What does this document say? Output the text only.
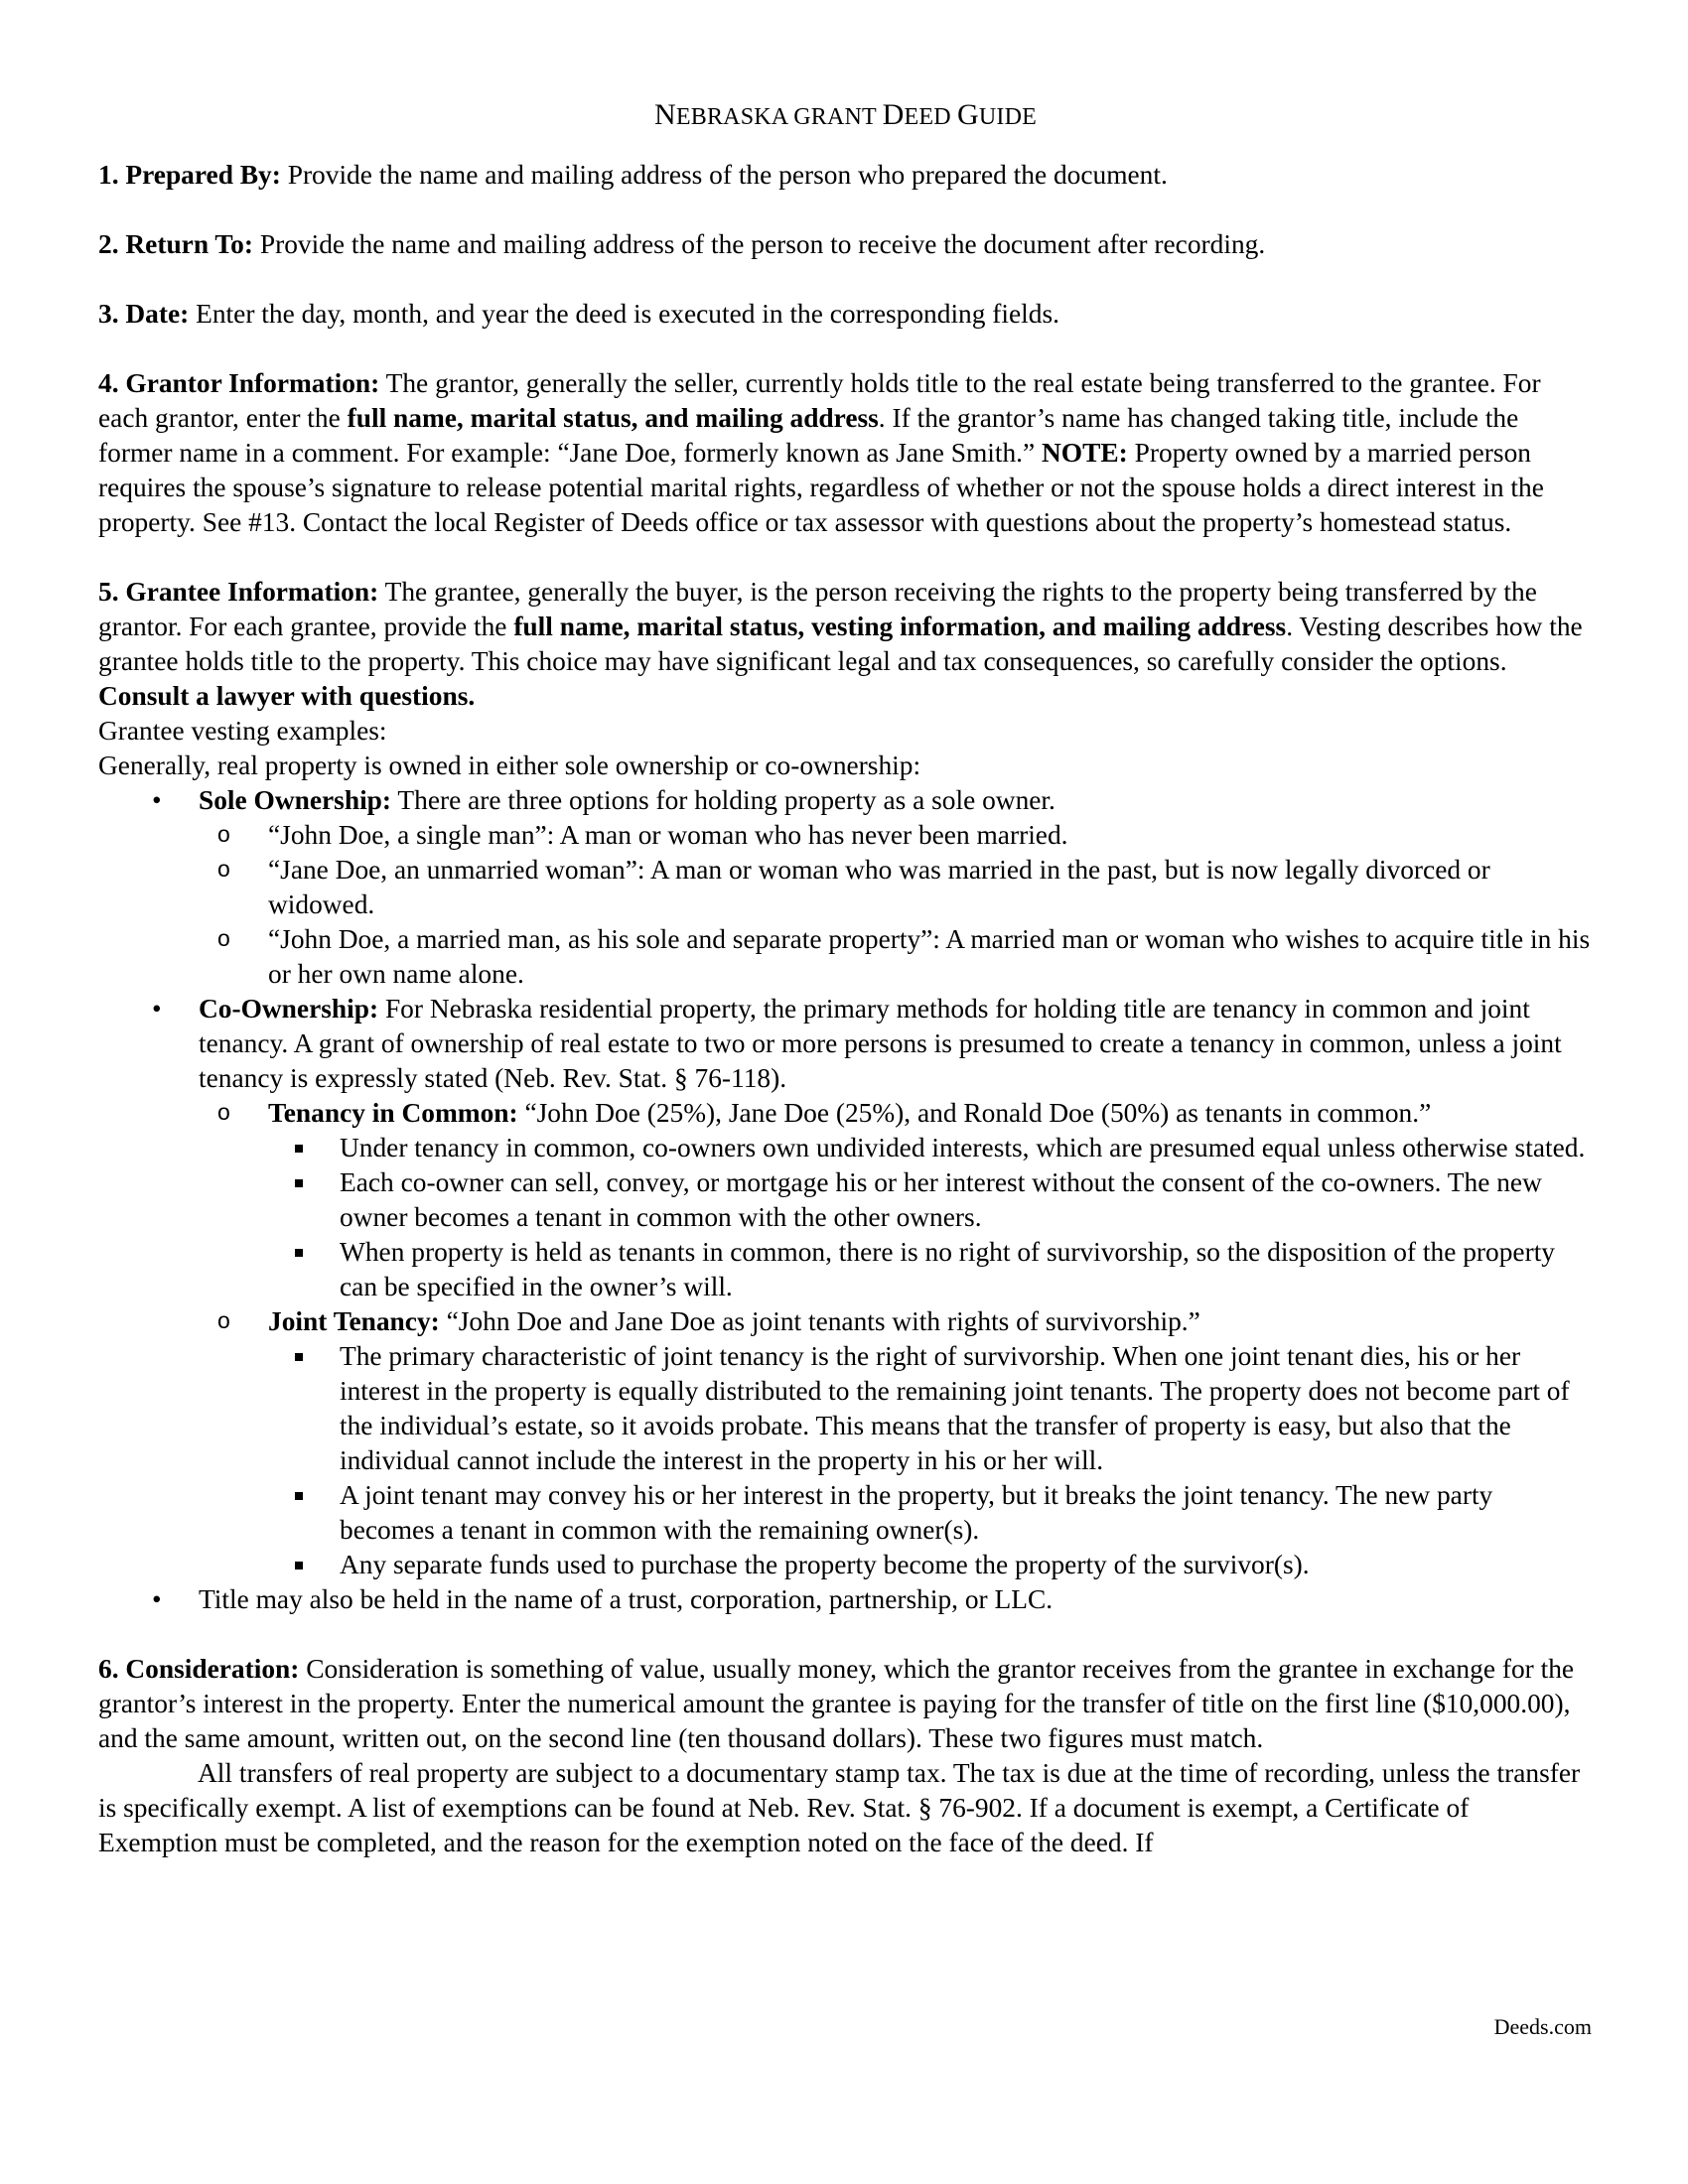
NEBRASKA GRANT DEED GUIDE

1. Prepared By: Provide the name and mailing address of the person who prepared the document.

2. Return To: Provide the name and mailing address of the person to receive the document after recording.

3. Date: Enter the day, month, and year the deed is executed in the corresponding fields.

4. Grantor Information: The grantor, generally the seller, currently holds title to the real estate being transferred to the grantee. For each grantor, enter the full name, marital status, and mailing address. If the grantor’s name has changed taking title, include the former name in a comment. For example: “Jane Doe, formerly known as Jane Smith.” NOTE: Property owned by a married person requires the spouse’s signature to release potential marital rights, regardless of whether or not the spouse holds a direct interest in the property. See #13. Contact the local Register of Deeds office or tax assessor with questions about the property’s homestead status.

5. Grantee Information: The grantee, generally the buyer, is the person receiving the rights to the property being transferred by the grantor. For each grantee, provide the full name, marital status, vesting information, and mailing address. Vesting describes how the grantee holds title to the property. This choice may have significant legal and tax consequences, so carefully consider the options. Consult a lawyer with questions.

Grantee vesting examples:

Generally, real property is owned in either sole ownership or co-ownership:

• Sole Ownership: There are three options for holding property as a sole owner.
o “John Doe, a single man”: A man or woman who has never been married.
o “Jane Doe, an unmarried woman”: A man or woman who was married in the past, but is now legally divorced or widowed.
o “John Doe, a married man, as his sole and separate property”: A married man or woman who wishes to acquire title in his or her own name alone.
• Co-Ownership: For Nebraska residential property, the primary methods for holding title are tenancy in common and joint tenancy. A grant of ownership of real estate to two or more persons is presumed to create a tenancy in common, unless a joint tenancy is expressly stated (Neb. Rev. Stat. § 76-118).
o Tenancy in Common: “John Doe (25%), Jane Doe (25%), and Ronald Doe (50%) as tenants in common.”
Under tenancy in common, co-owners own undivided interests, which are presumed equal unless otherwise stated.
Each co-owner can sell, convey, or mortgage his or her interest without the consent of the co-owners. The new owner becomes a tenant in common with the other owners.
When property is held as tenants in common, there is no right of survivorship, so the disposition of the property can be specified in the owner’s will.
o Joint Tenancy: “John Doe and Jane Doe as joint tenants with rights of survivorship.”
The primary characteristic of joint tenancy is the right of survivorship. When one joint tenant dies, his or her interest in the property is equally distributed to the remaining joint tenants. The property does not become part of the individual’s estate, so it avoids probate. This means that the transfer of property is easy, but also that the individual cannot include the interest in the property in his or her will.
A joint tenant may convey his or her interest in the property, but it breaks the joint tenancy. The new party becomes a tenant in common with the remaining owner(s).
Any separate funds used to purchase the property become the property of the survivor(s).
• Title may also be held in the name of a trust, corporation, partnership, or LLC.

6. Consideration: Consideration is something of value, usually money, which the grantor receives from the grantee in exchange for the grantor’s interest in the property. Enter the numerical amount the grantee is paying for the transfer of title on the first line ($10,000.00), and the same amount, written out, on the second line (ten thousand dollars). These two figures must match.

All transfers of real property are subject to a documentary stamp tax. The tax is due at the time of recording, unless the transfer is specifically exempt. A list of exemptions can be found at Neb. Rev. Stat. § 76-902. If a document is exempt, a Certificate of Exemption must be completed, and the reason for the exemption noted on the face of the deed. If

Deeds.com
